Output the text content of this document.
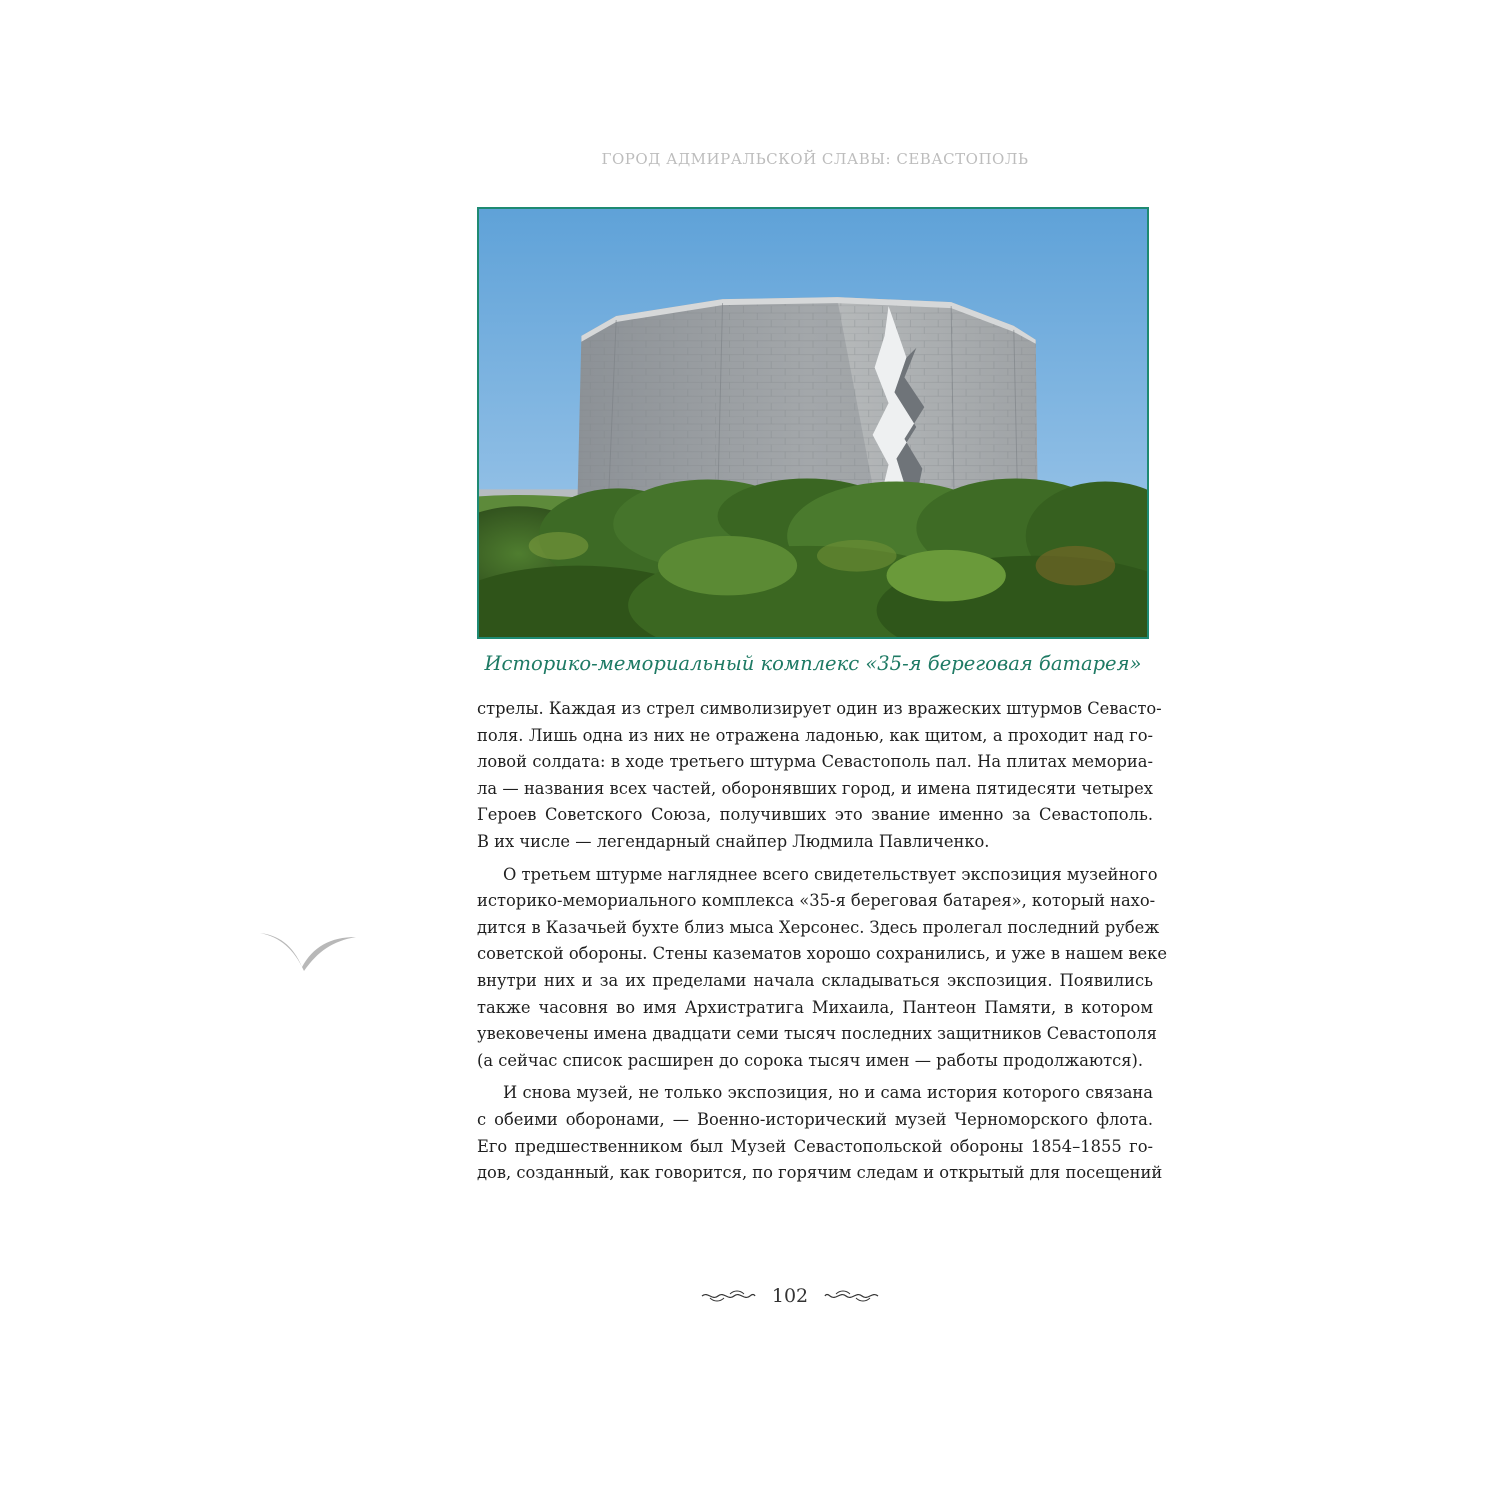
ГОРОД АДМИРАЛЬСКОЙ СЛАВЫ: СЕВАСТОПОЛЬ
Историко-мемориальный комплекс «35-я береговая батарея»
стрелы. Каждая из стрел символизирует один из вражеских штурмов Севасто-
поля. Лишь одна из них не отражена ладонью, как щитом, а проходит над го-
ловой солдата: в ходе третьего штурма Севастополь пал. На плитах мемориа-
ла — названия всех частей, оборонявших город, и имена пятидесяти четырех
Героев Советского Союза, получивших это звание именно за Севастополь.
В их числе — легендарный снайпер Людмила Павличенко.
О третьем штурме нагляднее всего свидетельствует экспозиция музейного
историко-мемориального комплекса «35-я береговая батарея», который нахо-
дится в Казачьей бухте близ мыса Херсонес. Здесь пролегал последний рубеж
советской обороны. Стены казематов хорошо сохранились, и уже в нашем веке
внутри них и за их пределами начала складываться экспозиция. Появились
также часовня во имя Архистратига Михаила, Пантеон Памяти, в котором
увековечены имена двадцати семи тысяч последних защитников Севастополя
(а сейчас список расширен до сорока тысяч имен — работы продолжаются).
И снова музей, не только экспозиция, но и сама история которого связана
с обеими оборонами, — Военно-исторический музей Черноморского флота.
Его предшественником был Музей Севастопольской обороны 1854–1855 го-
дов, созданный, как говорится, по горячим следам и открытый для посещений
102
